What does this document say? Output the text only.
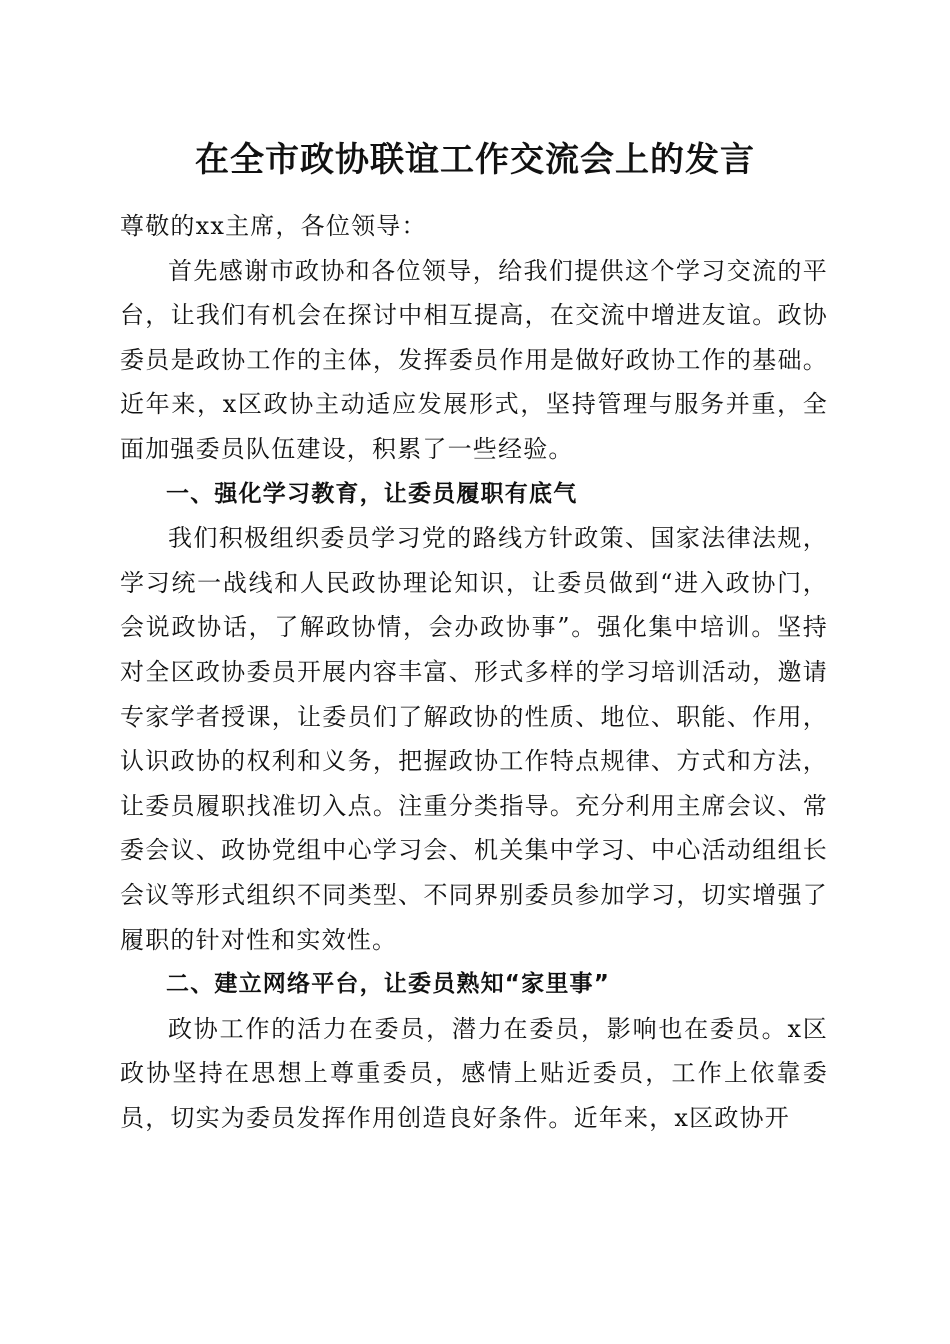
在全市政协联谊工作交流会上的发言

尊敬的xx主席，各位领导：

首先感谢市政协和各位领导，给我们提供这个学习交流的平台，让我们有机会在探讨中相互提高，在交流中增进友谊。政协委员是政协工作的主体，发挥委员作用是做好政协工作的基础。近年来，x区政协主动适应发展形式，坚持管理与服务并重，全面加强委员队伍建设，积累了一些经验。

一、强化学习教育，让委员履职有底气

我们积极组织委员学习党的路线方针政策、国家法律法规，学习统一战线和人民政协理论知识，让委员做到“进入政协门，会说政协话，了解政协情，会办政协事”。强化集中培训。坚持对全区政协委员开展内容丰富、形式多样的学习培训活动，邀请专家学者授课，让委员们了解政协的性质、地位、职能、作用，认识政协的权利和义务，把握政协工作特点规律、方式和方法，让委员履职找准切入点。注重分类指导。充分利用主席会议、常委会议、政协党组中心学习会、机关集中学习、中心活动组组长会议等形式组织不同类型、不同界别委员参加学习，切实增强了履职的针对性和实效性。

二、建立网络平台，让委员熟知“家里事”

政协工作的活力在委员，潜力在委员，影响也在委员。x区政协坚持在思想上尊重委员，感情上贴近委员，工作上依靠委员，切实为委员发挥作用创造良好条件。近年来，x区政协开
